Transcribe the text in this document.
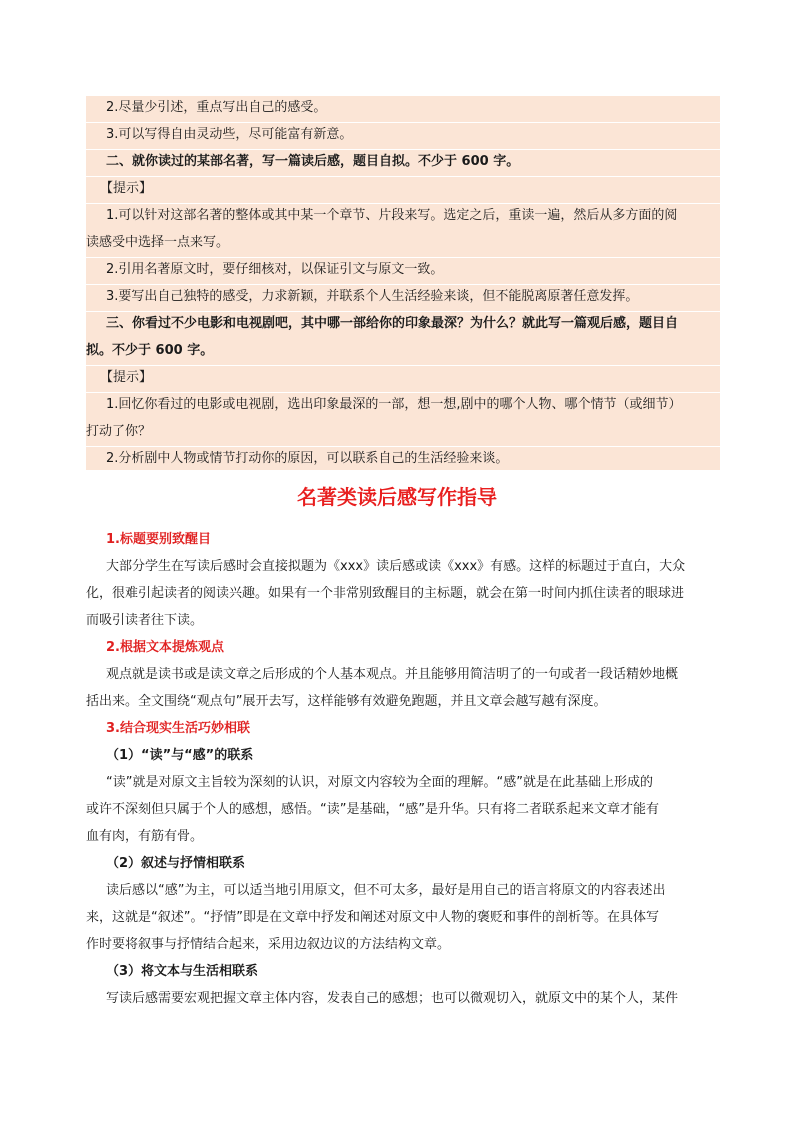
2.尽量少引述，重点写出自己的感受。
3.可以写得自由灵动些，尽可能富有新意。
二、就你读过的某部名著，写一篇读后感，题目自拟。不少于 600 字。
【提示】
1.可以针对这部名著的整体或其中某一个章节、片段来写。选定之后，重读一遍，然后从多方面的阅
读感受中选择一点来写。
2.引用名著原文时，要仔细核对，以保证引文与原文一致。
3.要写出自己独特的感受，力求新颖，并联系个人生活经验来谈，但不能脱离原著任意发挥。
三、你看过不少电影和电视剧吧，其中哪一部给你的印象最深？为什么？就此写一篇观后感，题目自
拟。不少于 600 字。
【提示】
1.回忆你看过的电影或电视剧，选出印象最深的一部，想一想,剧中的哪个人物、哪个情节（或细节）
打动了你？
2.分析剧中人物或情节打动你的原因，可以联系自己的生活经验来谈。
名著类读后感写作指导
1.标题要别致醒目
大部分学生在写读后感时会直接拟题为《xxx》读后感或读《xxx》有感。这样的标题过于直白，大众
化，很难引起读者的阅读兴趣。如果有一个非常别致醒目的主标题，就会在第一时间内抓住读者的眼球进
而吸引读者往下读。
2.根据文本提炼观点
观点就是读书或是读文章之后形成的个人基本观点。并且能够用简洁明了的一句或者一段话精妙地概
括出来。全文围绕“观点句”展开去写，这样能够有效避免跑题，并且文章会越写越有深度。
3.结合现实生活巧妙相联
（1）“读”与“感”的联系
“读”就是对原文主旨较为深刻的认识，对原文内容较为全面的理解。“感”就是在此基础上形成的
或许不深刻但只属于个人的感想，感悟。“读”是基础，“感”是升华。只有将二者联系起来文章才能有
血有肉，有筋有骨。
（2）叙述与抒情相联系
读后感以“感”为主，可以适当地引用原文，但不可太多，最好是用自己的语言将原文的内容表述出
来，这就是“叙述”。“抒情”即是在文章中抒发和阐述对原文中人物的褒贬和事件的剖析等。在具体写
作时要将叙事与抒情结合起来，采用边叙边议的方法结构文章。
（3）将文本与生活相联系
写读后感需要宏观把握文章主体内容，发表自己的感想；也可以微观切入，就原文中的某个人，某件
